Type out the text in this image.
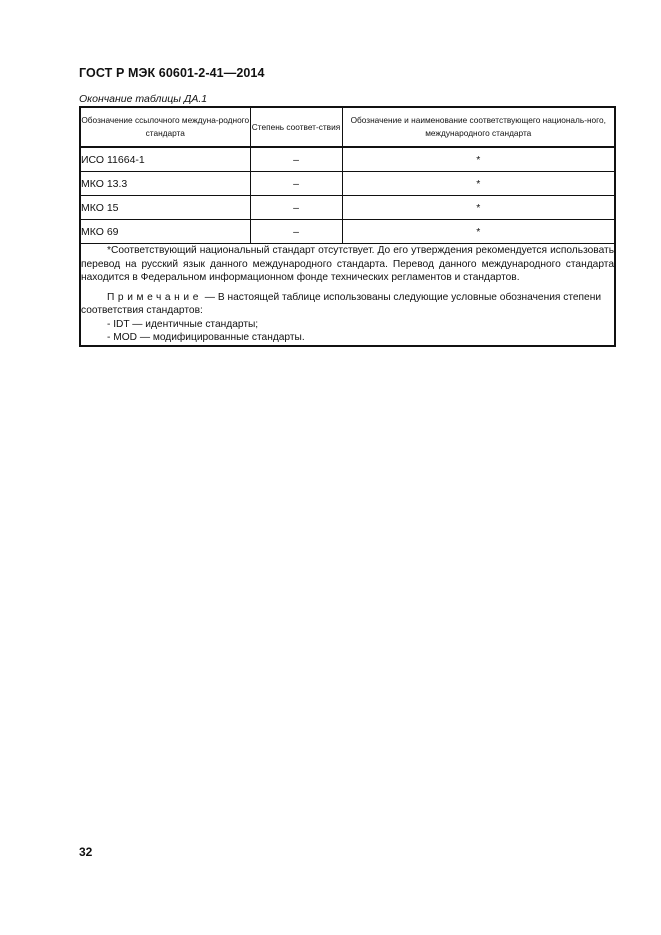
ГОСТ Р МЭК 60601-2-41—2014
Окончание таблицы ДА.1
Обозначение ссылочного междуна-родного стандарта	Степень соответ-ствия	Обозначение и наименование соответствующего националь-ного, международного стандарта
ИСО 11664-1	–	*
МКО 13.3	–	*
МКО 15	–	*
МКО 69	–	*

*Соответствующий национальный стандарт отсутствует. До его утверждения рекомендуется использовать перевод на русский язык данного международного стандарта. Перевод данного международного стандарта находится в Федеральном информационном фонде технических регламентов и стандартов.

Примечание — В настоящей таблице использованы следующие условные обозначения степени соответствия стандартов:

- IDT — идентичные стандарты;

- MOD — модифицированные стандарты.		

32
